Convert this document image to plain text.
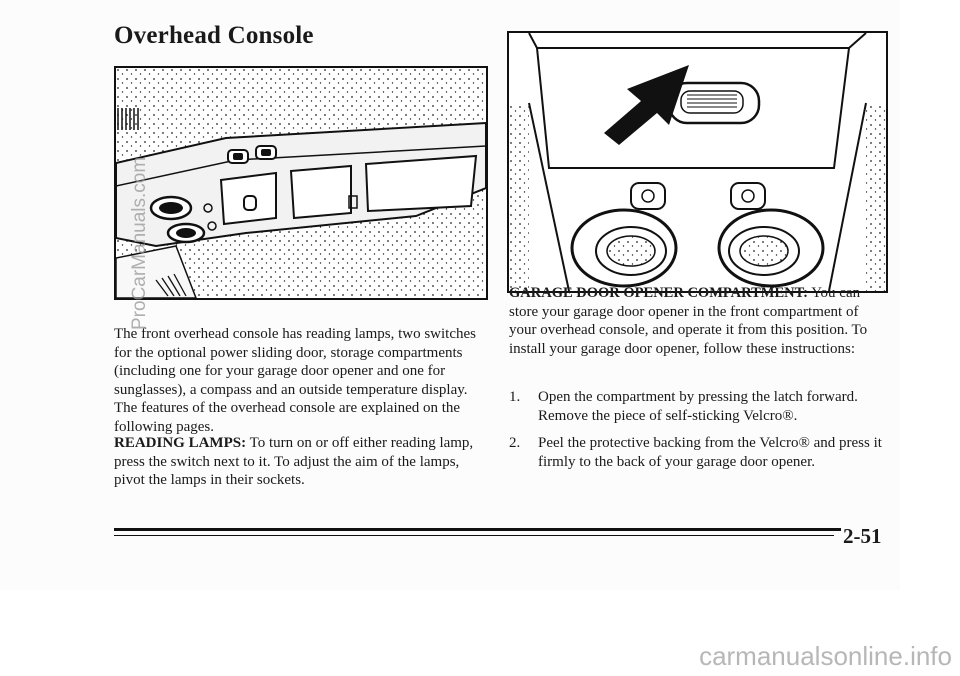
Overhead Console

The front overhead console has reading lamps, two switches for the optional power sliding door, storage compartments (including one for your garage door opener and one for sunglasses), a compass and an outside temperature display. The features of the overhead console are explained on the following pages.

READING LAMPS: To turn on or off either reading lamp, press the switch next to it. To adjust the aim of the lamps, pivot the lamps in their sockets.

GARAGE DOOR OPENER COMPARTMENT: You can store your garage door opener in the front compartment of your overhead console, and operate it from this position. To install your garage door opener, follow these instructions:

1. Open the compartment by pressing the latch forward. Remove the piece of self-sticking Velcro®.
2. Peel the protective backing from the Velcro® and press it firmly to the back of your garage door opener.
2-51
ProCarManuals.com
carmanualsonline.info
